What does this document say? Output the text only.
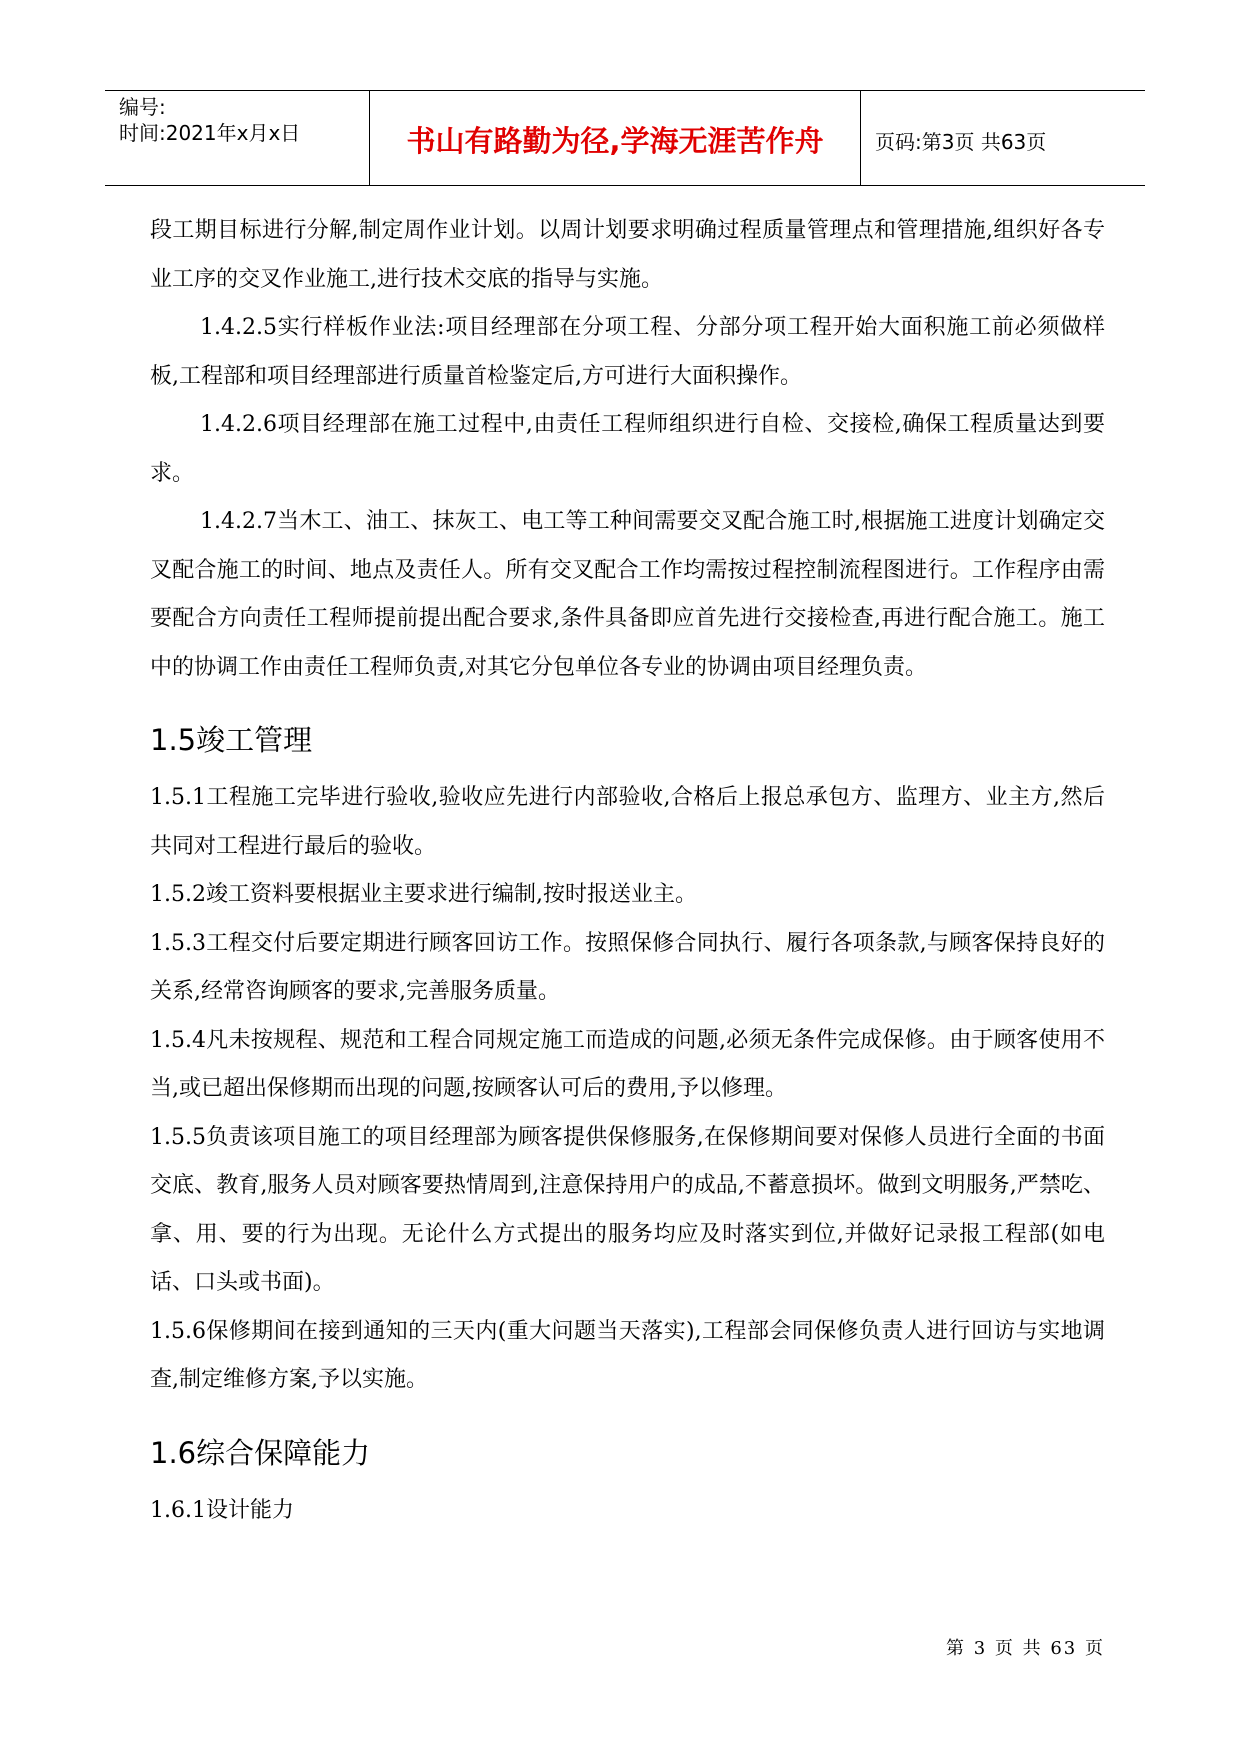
编号:
时间:2021年x月x日	书山有路勤为径,学海无涯苦作舟	页码:第3页 共63页

段工期目标进行分解,制定周作业计划。以周计划要求明确过程质量管理点和管理措施,组织好各专业工序的交叉作业施工,进行技术交底的指导与实施。

1.4.2.5实行样板作业法:项目经理部在分项工程、分部分项工程开始大面积施工前必须做样板,工程部和项目经理部进行质量首检鉴定后,方可进行大面积操作。

1.4.2.6项目经理部在施工过程中,由责任工程师组织进行自检、交接检,确保工程质量达到要求。

1.4.2.7当木工、油工、抹灰工、电工等工种间需要交叉配合施工时,根据施工进度计划确定交叉配合施工的时间、地点及责任人。所有交叉配合工作均需按过程控制流程图进行。工作程序由需要配合方向责任工程师提前提出配合要求,条件具备即应首先进行交接检查,再进行配合施工。施工中的协调工作由责任工程师负责,对其它分包单位各专业的协调由项目经理负责。

1.5竣工管理

1.5.1工程施工完毕进行验收,验收应先进行内部验收,合格后上报总承包方、监理方、业主方,然后共同对工程进行最后的验收。

1.5.2竣工资料要根据业主要求进行编制,按时报送业主。

1.5.3工程交付后要定期进行顾客回访工作。按照保修合同执行、履行各项条款,与顾客保持良好的关系,经常咨询顾客的要求,完善服务质量。

1.5.4凡未按规程、规范和工程合同规定施工而造成的问题,必须无条件完成保修。由于顾客使用不当,或已超出保修期而出现的问题,按顾客认可后的费用,予以修理。

1.5.5负责该项目施工的项目经理部为顾客提供保修服务,在保修期间要对保修人员进行全面的书面交底、教育,服务人员对顾客要热情周到,注意保持用户的成品,不蓄意损坏。做到文明服务,严禁吃、拿、用、要的行为出现。无论什么方式提出的服务均应及时落实到位,并做好记录报工程部(如电话、口头或书面)。

1.5.6保修期间在接到通知的三天内(重大问题当天落实),工程部会同保修负责人进行回访与实地调查,制定维修方案,予以实施。

1.6综合保障能力

1.6.1设计能力

第 3 页 共 63 页
